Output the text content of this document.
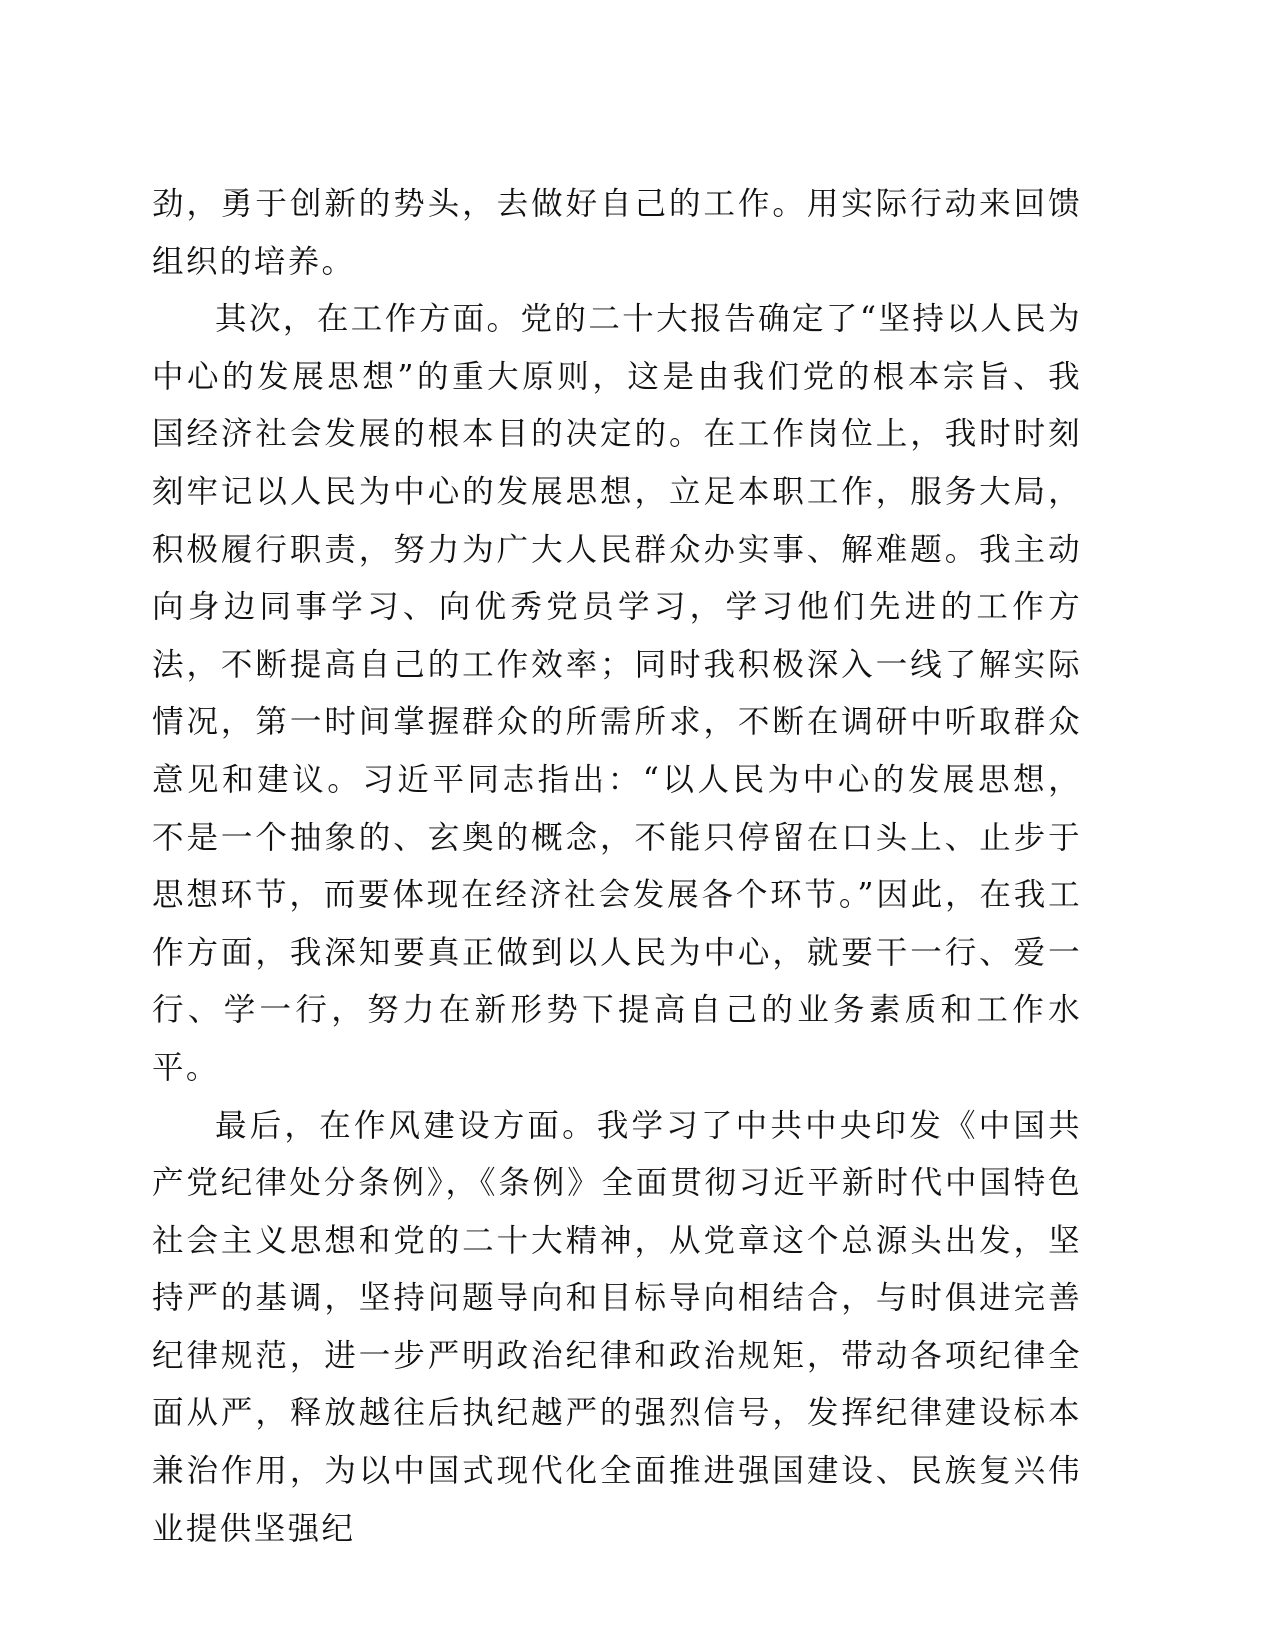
劲，勇于创新的势头，去做好自己的工作。用实际行动来回馈组织的培养。

其次，在工作方面。党的二十大报告确定了“坚持以人民为中心的发展思想”的重大原则，这是由我们党的根本宗旨、我国经济社会发展的根本目的决定的。在工作岗位上，我时时刻刻牢记以人民为中心的发展思想，立足本职工作，服务大局，积极履行职责，努力为广大人民群众办实事、解难题。我主动向身边同事学习、向优秀党员学习，学习他们先进的工作方法，不断提高自己的工作效率；同时我积极深入一线了解实际情况，第一时间掌握群众的所需所求，不断在调研中听取群众意见和建议。习近平同志指出：“以人民为中心的发展思想，不是一个抽象的、玄奥的概念，不能只停留在口头上、止步于思想环节，而要体现在经济社会发展各个环节。”因此，在我工作方面，我深知要真正做到以人民为中心，就要干一行、爱一行、学一行，努力在新形势下提高自己的业务素质和工作水平。

最后，在作风建设方面。我学习了中共中央印发《中国共产党纪律处分条例》，《条例》全面贯彻习近平新时代中国特色社会主义思想和党的二十大精神，从党章这个总源头出发，坚持严的基调，坚持问题导向和目标导向相结合，与时俱进完善纪律规范，进一步严明政治纪律和政治规矩，带动各项纪律全面从严，释放越往后执纪越严的强烈信号，发挥纪律建设标本兼治作用，为以中国式现代化全面推进强国建设、民族复兴伟业提供坚强纪
